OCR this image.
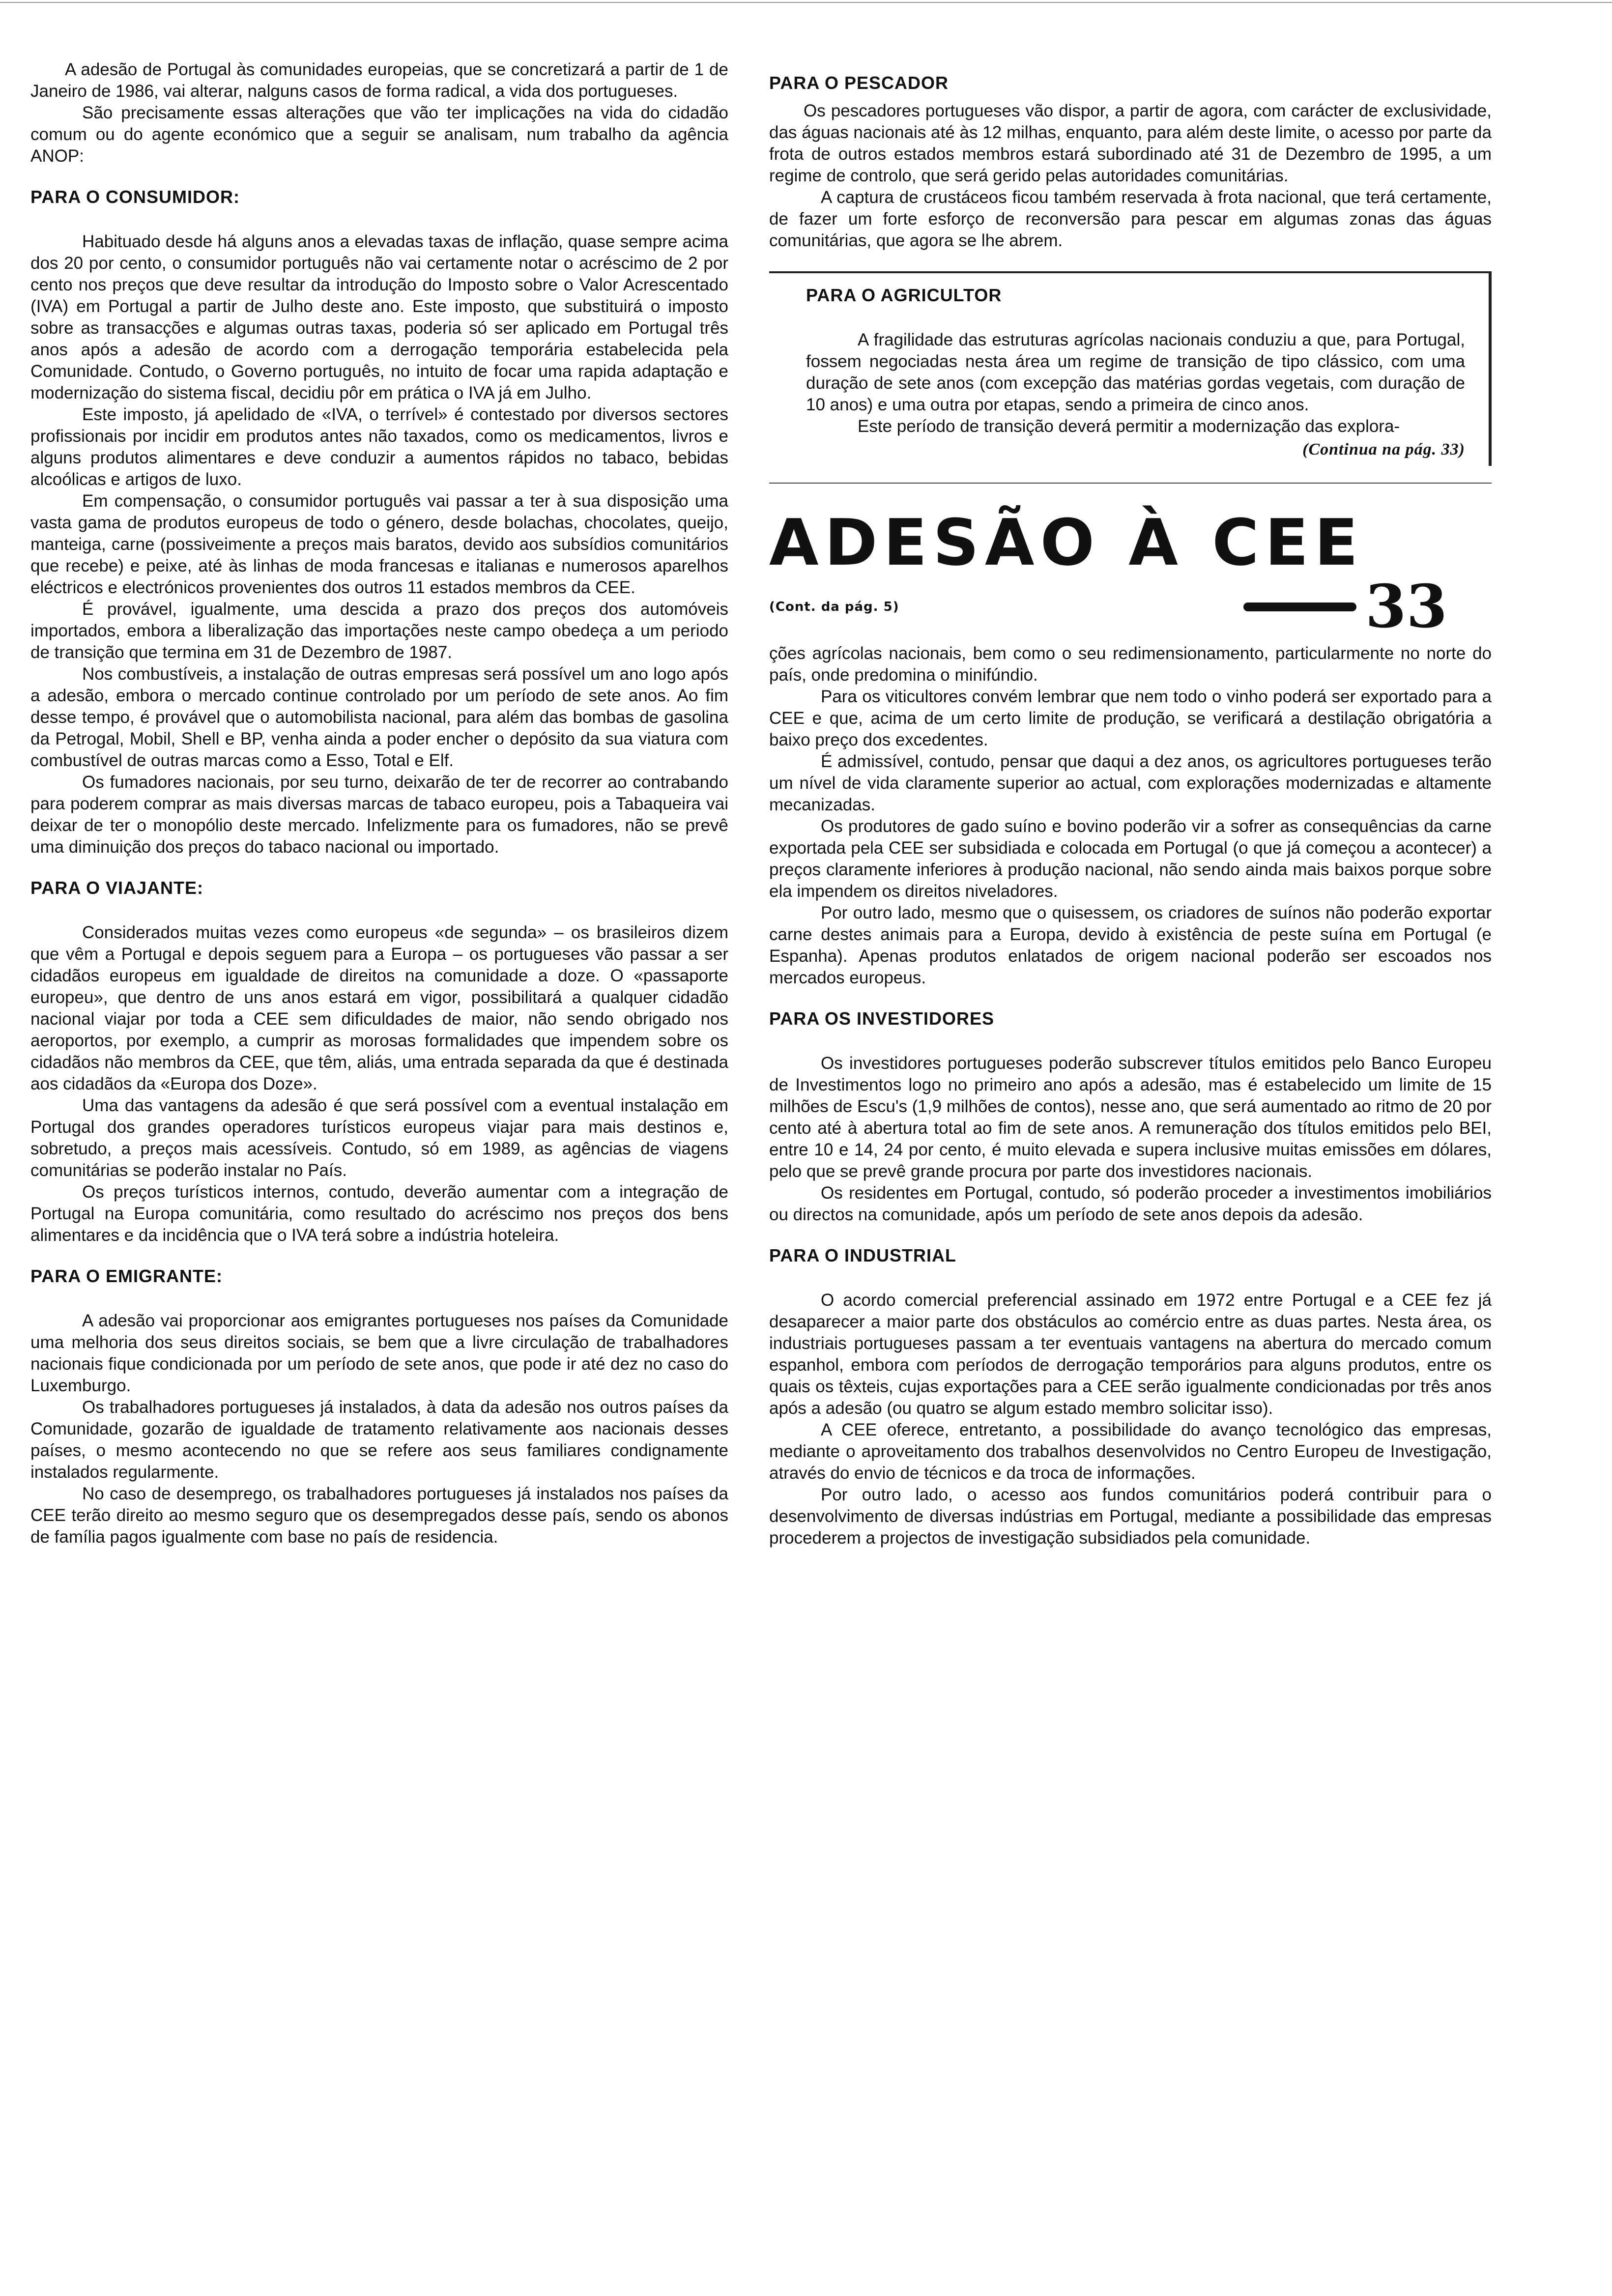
A adesão de Portugal às comunidades europeias, que se concretizará a partir de 1 de Janeiro de 1986, vai alterar, nalguns casos de forma radical, a vida dos portugueses.

São precisamente essas alterações que vão ter implicações na vida do cidadão comum ou do agente económico que a seguir se analisam, num trabalho da agência ANOP:

PARA O CONSUMIDOR:

Habituado desde há alguns anos a elevadas taxas de inflação, quase sempre acima dos 20 por cento, o consumidor português não vai certamente notar o acréscimo de 2 por cento nos preços que deve resultar da introdução do Imposto sobre o Valor Acrescentado (IVA) em Portugal a partir de Julho deste ano. Este imposto, que substituirá o imposto sobre as transacções e algumas outras taxas, poderia só ser aplicado em Portugal três anos após a adesão de acordo com a derrogação temporária estabelecida pela Comunidade. Contudo, o Governo português, no intuito de focar uma rapida adaptação e modernização do sistema fiscal, decidiu pôr em prática o IVA já em Julho.

Este imposto, já apelidado de «IVA, o terrível» é contestado por diversos sectores profissionais por incidir em produtos antes não taxados, como os medicamentos, livros e alguns produtos alimentares e deve conduzir a aumentos rápidos no tabaco, bebidas alcoólicas e artigos de luxo.

Em compensação, o consumidor português vai passar a ter à sua disposição uma vasta gama de produtos europeus de todo o género, desde bolachas, chocolates, queijo, manteiga, carne (possiveimente a preços mais baratos, devido aos subsídios comunitários que recebe) e peixe, até às linhas de moda francesas e italianas e numerosos aparelhos eléctricos e electrónicos provenientes dos outros 11 estados membros da CEE.

É provável, igualmente, uma descida a prazo dos preços dos automóveis importados, embora a liberalização das importações neste campo obedeça a um periodo de transição que termina em 31 de Dezembro de 1987.

Nos combustíveis, a instalação de outras empresas será possível um ano logo após a adesão, embora o mercado continue controlado por um período de sete anos. Ao fim desse tempo, é provável que o automobilista nacional, para além das bombas de gasolina da Petrogal, Mobil, Shell e BP, venha ainda a poder encher o depósito da sua viatura com combustível de outras marcas como a Esso, Total e Elf.

Os fumadores nacionais, por seu turno, deixarão de ter de recorrer ao contrabando para poderem comprar as mais diversas marcas de tabaco europeu, pois a Tabaqueira vai deixar de ter o monopólio deste mercado. Infelizmente para os fumadores, não se prevê uma diminuição dos preços do tabaco nacional ou importado.

PARA O VIAJANTE:

Considerados muitas vezes como europeus «de segunda» – os brasileiros dizem que vêm a Portugal e depois seguem para a Europa – os portugueses vão passar a ser cidadãos europeus em igualdade de direitos na comunidade a doze. O «passaporte europeu», que dentro de uns anos estará em vigor, possibilitará a qualquer cidadão nacional viajar por toda a CEE sem dificuldades de maior, não sendo obrigado nos aeroportos, por exemplo, a cumprir as morosas formalidades que impendem sobre os cidadãos não membros da CEE, que têm, aliás, uma entrada separada da que é destinada aos cidadãos da «Europa dos Doze».

Uma das vantagens da adesão é que será possível com a eventual instalação em Portugal dos grandes operadores turísticos europeus viajar para mais destinos e, sobretudo, a preços mais acessíveis. Contudo, só em 1989, as agências de viagens comunitárias se poderão instalar no País.

Os preços turísticos internos, contudo, deverão aumentar com a integração de Portugal na Europa comunitária, como resultado do acréscimo nos preços dos bens alimentares e da incidência que o IVA terá sobre a indústria hoteleira.

PARA O EMIGRANTE:

A adesão vai proporcionar aos emigrantes portugueses nos países da Comunidade uma melhoria dos seus direitos sociais, se bem que a livre circulação de trabalhadores nacionais fique condicionada por um período de sete anos, que pode ir até dez no caso do Luxemburgo.

Os trabalhadores portugueses já instalados, à data da adesão nos outros países da Comunidade, gozarão de igualdade de tratamento relativamente aos nacionais desses países, o mesmo acontecendo no que se refere aos seus familiares condignamente instalados regularmente.

No caso de desemprego, os trabalhadores portugueses já instalados nos países da CEE terão direito ao mesmo seguro que os desempregados desse país, sendo os abonos de família pagos igualmente com base no país de residencia.

PARA O PESCADOR

Os pescadores portugueses vão dispor, a partir de agora, com carácter de exclusividade, das águas nacionais até às 12 milhas, enquanto, para além deste limite, o acesso por parte da frota de outros estados membros estará subordinado até 31 de Dezembro de 1995, a um regime de controlo, que será gerido pelas autoridades comunitárias.

A captura de crustáceos ficou também reservada à frota nacional, que terá certamente, de fazer um forte esforço de reconversão para pescar em algumas zonas das águas comunitárias, que agora se lhe abrem.

PARA O AGRICULTOR

A fragilidade das estruturas agrícolas nacionais conduziu a que, para Portugal, fossem negociadas nesta área um regime de transição de tipo clássico, com uma duração de sete anos (com excepção das matérias gordas vegetais, com duração de 10 anos) e uma outra por etapas, sendo a primeira de cinco anos.

Este período de transição deverá permitir a modernização das explora-

(Continua na pág. 33)
ADESÃO À CEE
(Cont. da pág. 5)	33

ções agrícolas nacionais, bem como o seu redimensionamento, particularmente no norte do país, onde predomina o minifúndio.

Para os viticultores convém lembrar que nem todo o vinho poderá ser exportado para a CEE e que, acima de um certo limite de produção, se verificará a destilação obrigatória a baixo preço dos excedentes.

É admissível, contudo, pensar que daqui a dez anos, os agricultores portugueses terão um nível de vida claramente superior ao actual, com explorações modernizadas e altamente mecanizadas.

Os produtores de gado suíno e bovino poderão vir a sofrer as consequências da carne exportada pela CEE ser subsidiada e colocada em Portugal (o que já começou a acontecer) a preços claramente inferiores à produção nacional, não sendo ainda mais baixos porque sobre ela impendem os direitos niveladores.

Por outro lado, mesmo que o quisessem, os criadores de suínos não poderão exportar carne destes animais para a Europa, devido à existência de peste suína em Portugal (e Espanha). Apenas produtos enlatados de origem nacional poderão ser escoados nos mercados europeus.

PARA OS INVESTIDORES

Os investidores portugueses poderão subscrever títulos emitidos pelo Banco Europeu de Investimentos logo no primeiro ano após a adesão, mas é estabelecido um limite de 15 milhões de Escu's (1,9 milhões de contos), nesse ano, que será aumentado ao ritmo de 20 por cento até à abertura total ao fim de sete anos. A remuneração dos títulos emitidos pelo BEI, entre 10 e 14, 24 por cento, é muito elevada e supera inclusive muitas emissões em dólares, pelo que se prevê grande procura por parte dos investidores nacionais.

Os residentes em Portugal, contudo, só poderão proceder a investimentos imobiliários ou directos na comunidade, após um período de sete anos depois da adesão.

PARA O INDUSTRIAL

O acordo comercial preferencial assinado em 1972 entre Portugal e a CEE fez já desaparecer a maior parte dos obstáculos ao comércio entre as duas partes. Nesta área, os industriais portugueses passam a ter eventuais vantagens na abertura do mercado comum espanhol, embora com períodos de derrogação temporários para alguns produtos, entre os quais os têxteis, cujas exportações para a CEE serão igualmente condicionadas por três anos após a adesão (ou quatro se algum estado membro solicitar isso).

A CEE oferece, entretanto, a possibilidade do avanço tecnológico das empresas, mediante o aproveitamento dos trabalhos desenvolvidos no Centro Europeu de Investigação, através do envio de técnicos e da troca de informações.

Por outro lado, o acesso aos fundos comunitários poderá contribuir para o desenvolvimento de diversas indústrias em Portugal, mediante a possibilidade das empresas procederem a projectos de investigação subsidiados pela comunidade.
